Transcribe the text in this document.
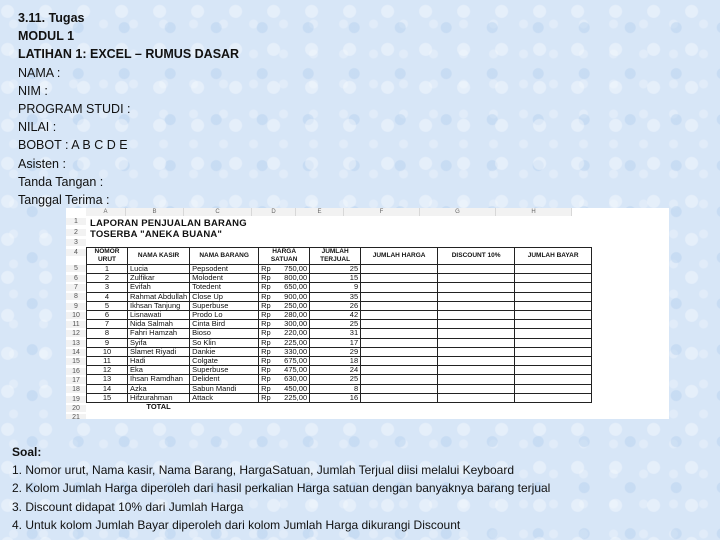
3.11. Tugas
MODUL 1
LATIHAN 1: EXCEL – RUMUS DASAR
NAMA :
NIM :
PROGRAM STUDI :
NILAI :
BOBOT : A B C D E
Asisten :
Tanda Tangan :
Tanggal Terima :
A	B	C	D	E	F	G	H
1
2
3
4
5
6
7
8
9
10
11
12
13
14
15
16
17
18
19
20
21
LAPORAN PENJUALAN BARANG
TOSERBA "ANEKA BUANA"
NOMOR URUT	NAMA KASIR	NAMA BARANG	HARGA SATUAN		JUMLAH TERJUAL	JUMLAH HARGA	DISCOUNT 10%	JUMLAH BAYAR
1	Lucia	Pepsodent	Rp	750,00	25			
2	Zulfikar	Molodent	Rp	800,00	15			
3	Evifah	Totedent	Rp	650,00	9			
4	Rahmat Abdullah	Close Up	Rp	900,00	35			
5	Ikhsan Tanjung	Superbuse	Rp	250,00	26			
6	Lisnawati	Prodo Lo	Rp	280,00	42			
7	Nida Salmah	Cinta Bird	Rp	300,00	25			
8	Fahri Hamzah	Bioso	Rp	220,00	31			
9	Syifa	So Klin	Rp	225,00	17			
10	Slamet Riyadi	Dankie	Rp	330,00	29			
11	Hadi	Colgate	Rp	675,00	18			
12	Eka	Superbuse	Rp	475,00	24			
13	Ihsan Ramdhan	Delident	Rp	630,00	25			
14	Azka	Sabun Mandi	Rp	450,00	8			
15	Hifzurahman	Attack	Rp	225,00	16			
	TOTAL							
Soal:
1. Nomor urut, Nama kasir, Nama Barang, HargaSatuan, Jumlah Terjual diisi melalui Keyboard
2. Kolom Jumlah Harga diperoleh dari hasil perkalian Harga satuan dengan banyaknya barang terjual
3. Discount didapat 10% dari Jumlah Harga
4. Untuk kolom Jumlah Bayar diperoleh dari kolom Jumlah Harga dikurangi Discount
